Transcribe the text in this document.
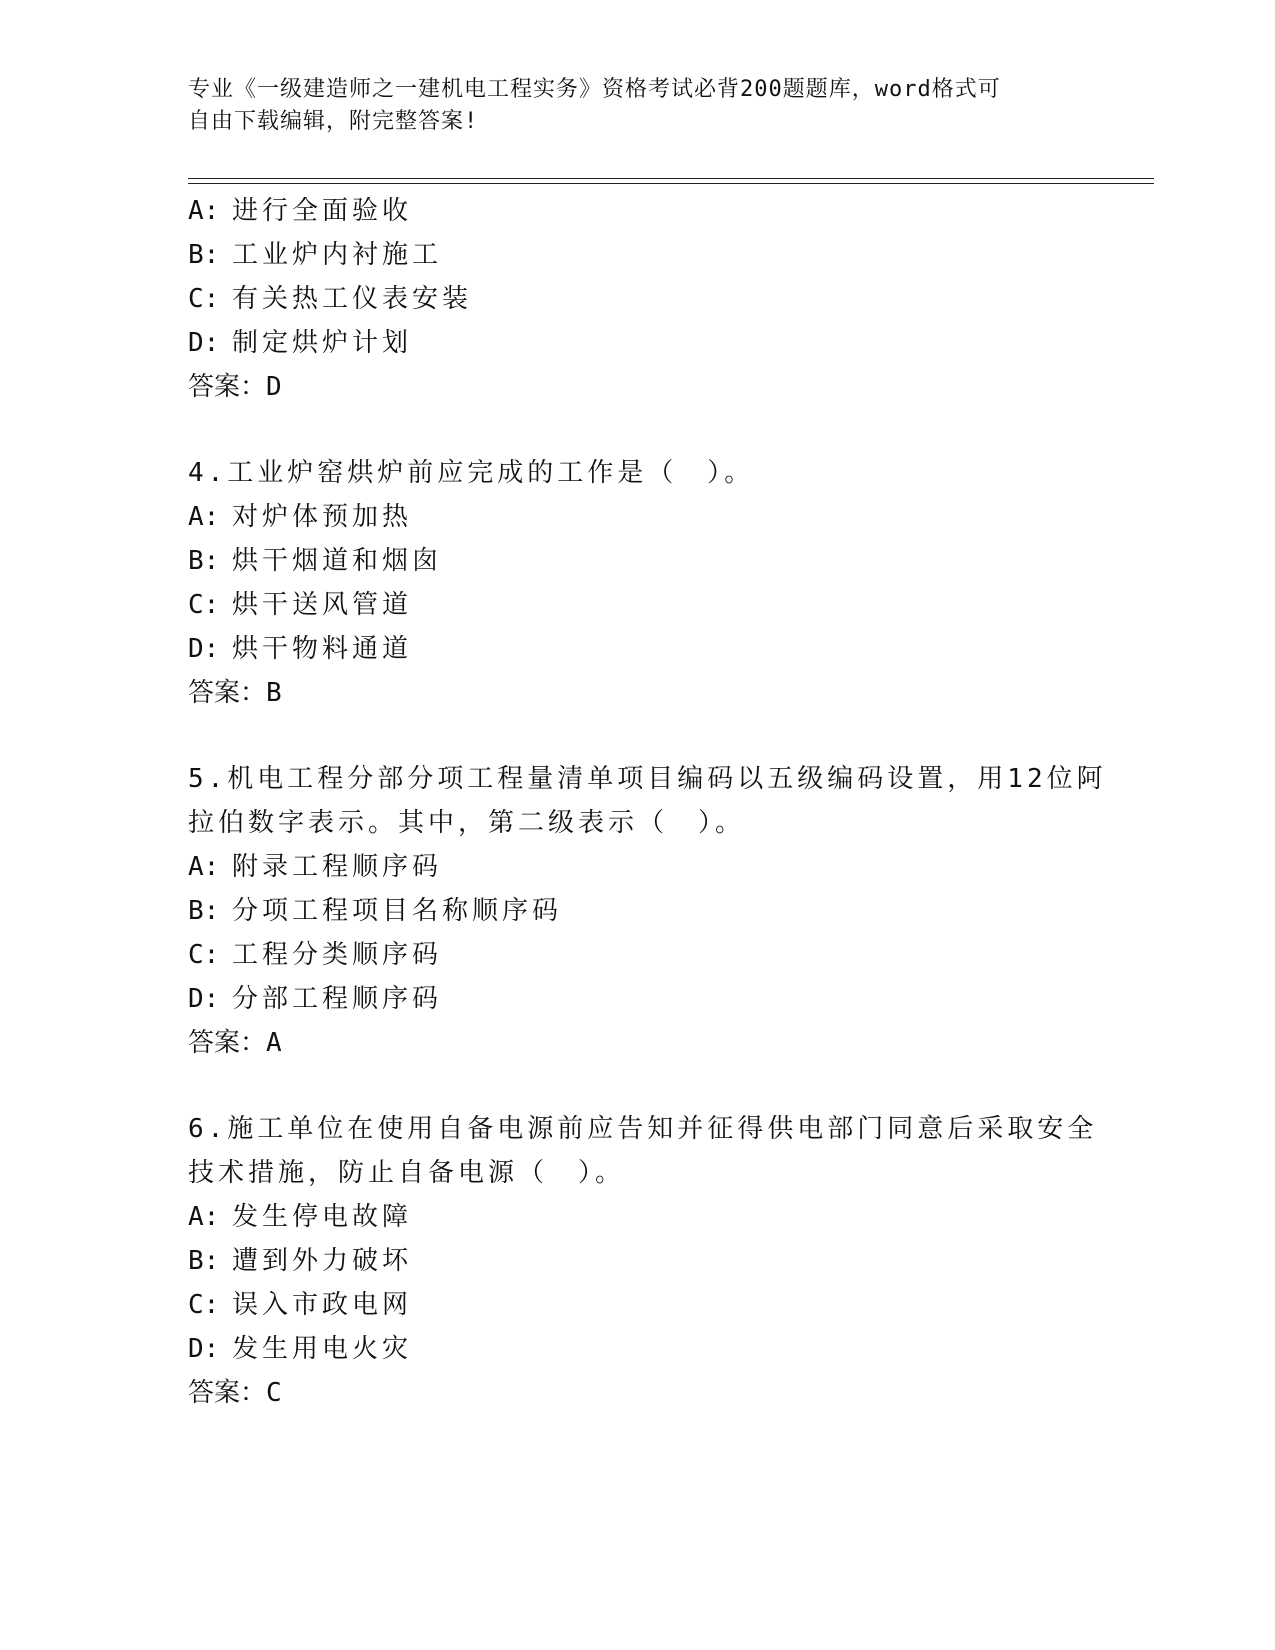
专业《一级建造师之一建机电工程实务》资格考试必背200题题库，word格式可
自由下载编辑，附完整答案!
A: 进行全面验收
B: 工业炉内衬施工
C: 有关热工仪表安装
D: 制定烘炉计划
答案：D
4.工业炉窑烘炉前应完成的工作是（　）。
A: 对炉体预加热
B: 烘干烟道和烟囱
C: 烘干送风管道
D: 烘干物料通道
答案：B
5.机电工程分部分项工程量清单项目编码以五级编码设置，用12位阿
拉伯数字表示。其中，第二级表示（　）。
A: 附录工程顺序码
B: 分项工程项目名称顺序码
C: 工程分类顺序码
D: 分部工程顺序码
答案：A
6.施工单位在使用自备电源前应告知并征得供电部门同意后采取安全
技术措施，防止自备电源（　）。
A: 发生停电故障
B: 遭到外力破坏
C: 误入市政电网
D: 发生用电火灾
答案：C
